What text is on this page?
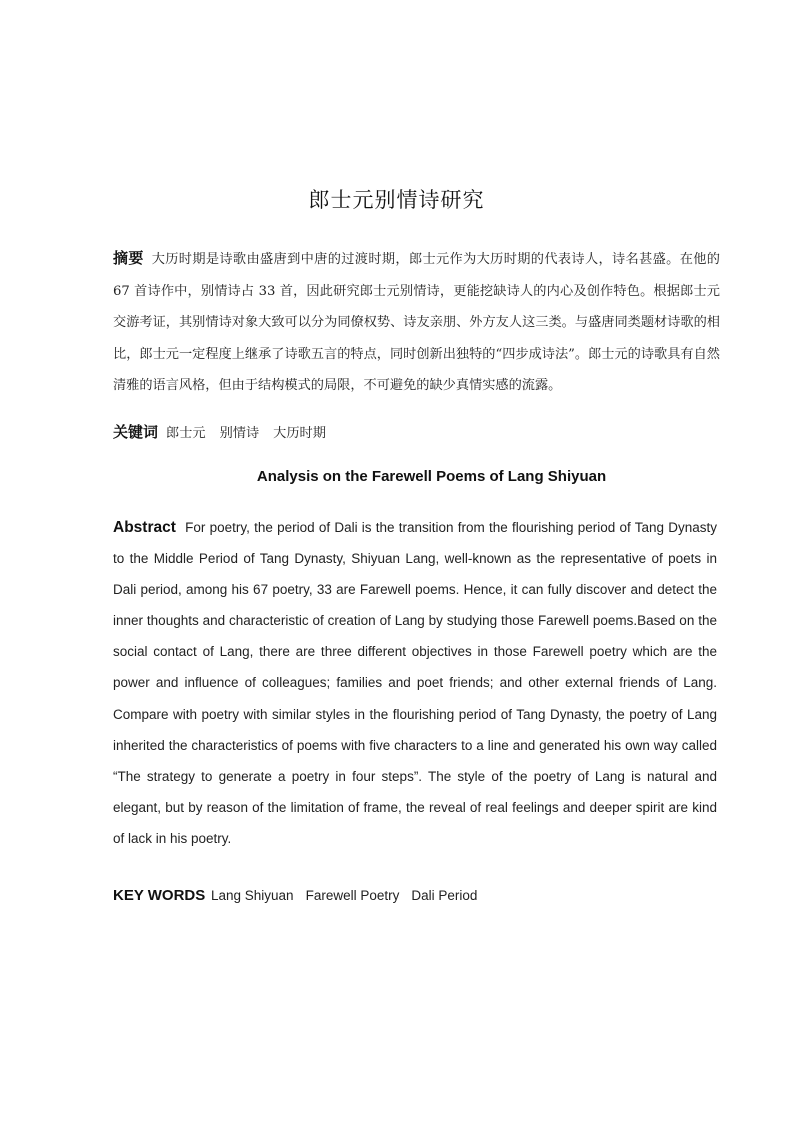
郎士元别情诗研究
摘要 大历时期是诗歌由盛唐到中唐的过渡时期，郎士元作为大历时期的代表诗人，诗名甚盛。在他的 67 首诗作中，别情诗占 33 首，因此研究郎士元别情诗，更能挖缺诗人的内心及创作特色。根据郎士元交游考证，其别情诗对象大致可以分为同僚权势、诗友亲朋、外方友人这三类。与盛唐同类题材诗歌的相比，郎士元一定程度上继承了诗歌五言的特点，同时创新出独特的“四步成诗法”。郎士元的诗歌具有自然清雅的语言风格，但由于结构模式的局限，不可避免的缺少真情实感的流露。
关键词 郎士元 别情诗 大历时期
Analysis on the Farewell Poems of Lang Shiyuan
Abstract For poetry, the period of Dali is the transition from the flourishing period of Tang Dynasty to the Middle Period of Tang Dynasty, Shiyuan Lang, well-known as the representative of poets in Dali period, among his 67 poetry, 33 are Farewell poems. Hence, it can fully discover and detect the inner thoughts and characteristic of creation of Lang by studying those Farewell poems.Based on the social contact of Lang, there are three different objectives in those Farewell poetry which are the power and influence of colleagues; families and poet friends; and other external friends of Lang. Compare with poetry with similar styles in the flourishing period of Tang Dynasty, the poetry of Lang inherited the characteristics of poems with five characters to a line and generated his own way called “The strategy to generate a poetry in four steps”. The style of the poetry of Lang is natural and elegant, but by reason of the limitation of frame, the reveal of real feelings and deeper spirit are kind of lack in his poetry.
KEY WORDS Lang Shiyuan Farewell Poetry Dali Period
